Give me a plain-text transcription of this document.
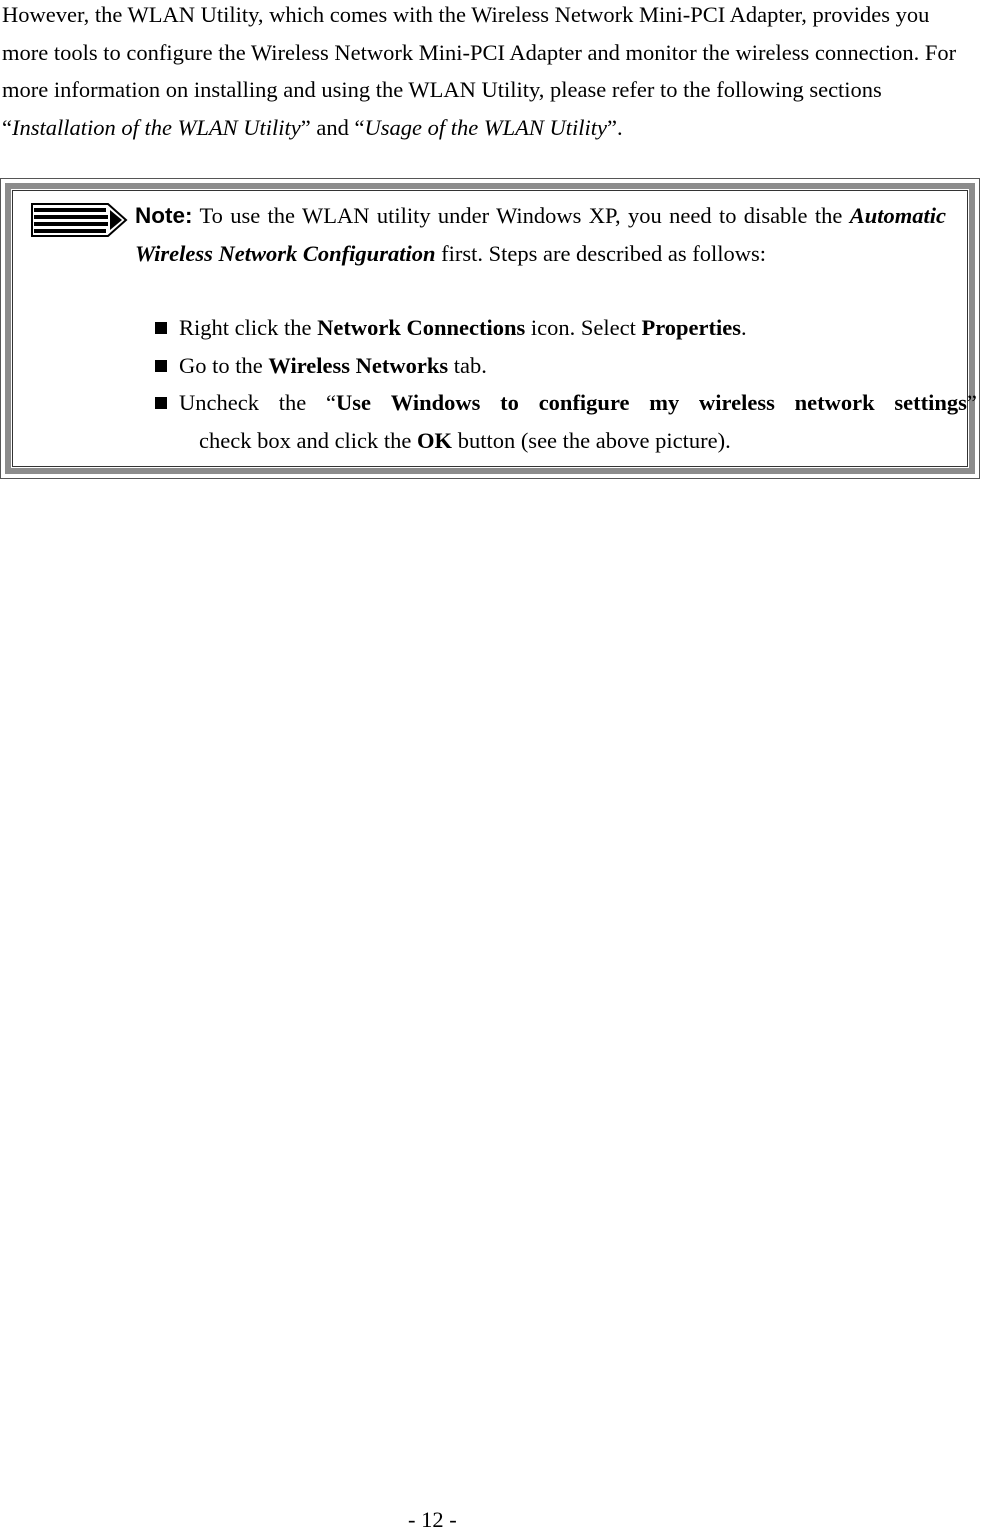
However, the WLAN Utility, which comes with the Wireless Network Mini-PCI Adapter, provides you more tools to configure the Wireless Network Mini-PCI Adapter and monitor the wireless connection. For more information on installing and using the WLAN Utility, please refer to the following sections “Installation of the WLAN Utility” and “Usage of the WLAN Utility”.

Note: To use the WLAN utility under Windows XP, you need to disable the Automatic Wireless Network Configuration first. Steps are described as follows:

Right click the Network Connections icon. Select Properties.
Go to the Wireless Networks tab.
Uncheck the “Use Windows to configure my wireless network settings”
check box and click the OK button (see the above picture).
- 12 -
